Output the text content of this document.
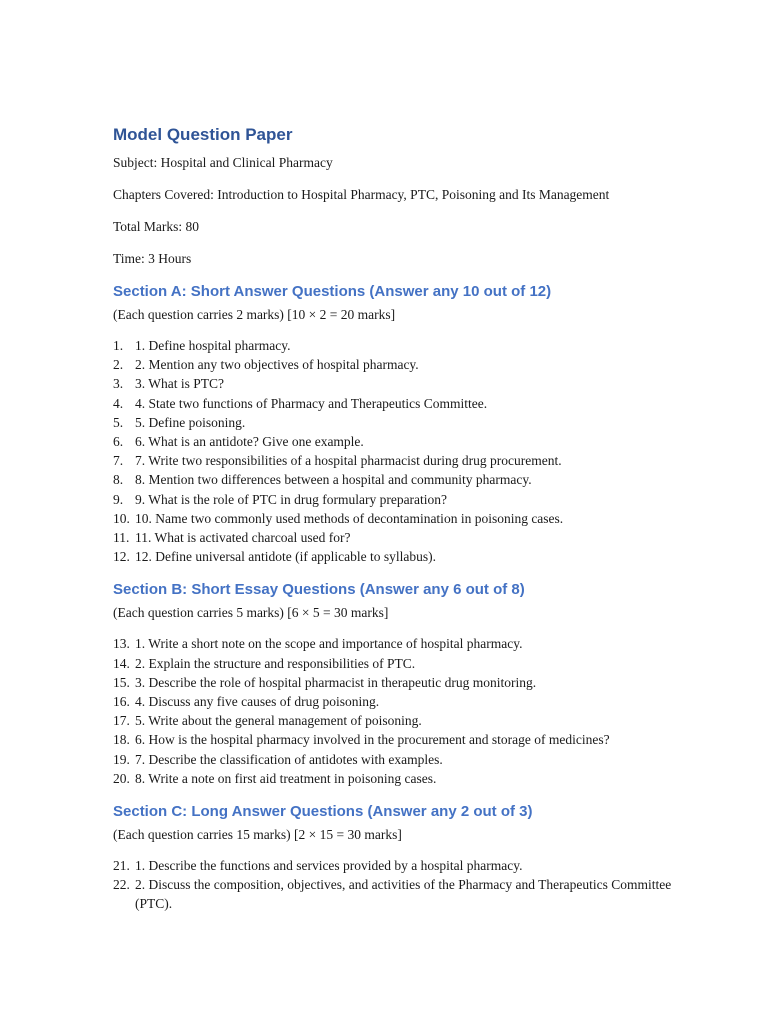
Model Question Paper

Subject: Hospital and Clinical Pharmacy

Chapters Covered: Introduction to Hospital Pharmacy, PTC, Poisoning and Its Management

Total Marks: 80

Time: 3 Hours

Section A: Short Answer Questions (Answer any 10 out of 12)

(Each question carries 2 marks) [10 × 2 = 20 marks]

1. 1. Define hospital pharmacy.
2. 2. Mention any two objectives of hospital pharmacy.
3. 3. What is PTC?
4. 4. State two functions of Pharmacy and Therapeutics Committee.
5. 5. Define poisoning.
6. 6. What is an antidote? Give one example.
7. 7. Write two responsibilities of a hospital pharmacist during drug procurement.
8. 8. Mention two differences between a hospital and community pharmacy.
9. 9. What is the role of PTC in drug formulary preparation?
10. 10. Name two commonly used methods of decontamination in poisoning cases.
11. 11. What is activated charcoal used for?
12. 12. Define universal antidote (if applicable to syllabus).
Section B: Short Essay Questions (Answer any 6 out of 8)

(Each question carries 5 marks) [6 × 5 = 30 marks]

13. 1. Write a short note on the scope and importance of hospital pharmacy.
14. 2. Explain the structure and responsibilities of PTC.
15. 3. Describe the role of hospital pharmacist in therapeutic drug monitoring.
16. 4. Discuss any five causes of drug poisoning.
17. 5. Write about the general management of poisoning.
18. 6. How is the hospital pharmacy involved in the procurement and storage of medicines?
19. 7. Describe the classification of antidotes with examples.
20. 8. Write a note on first aid treatment in poisoning cases.
Section C: Long Answer Questions (Answer any 2 out of 3)

(Each question carries 15 marks) [2 × 15 = 30 marks]

21. 1. Describe the functions and services provided by a hospital pharmacy.
22. 2. Discuss the composition, objectives, and activities of the Pharmacy and Therapeutics Committee (PTC).
